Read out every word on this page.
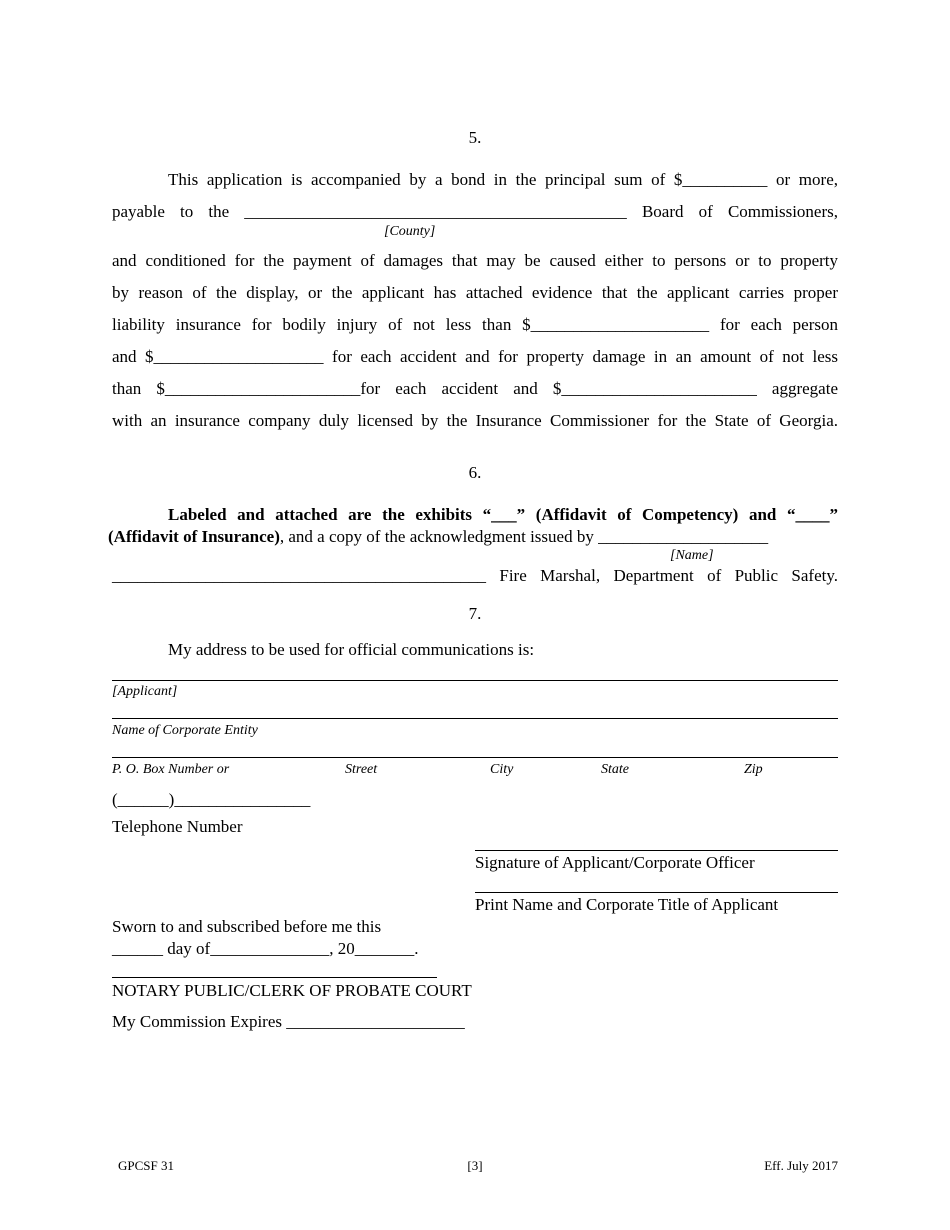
5.
This application is accompanied by a bond in the principal sum of $__________ or more,
payable to the _____________________________________________ Board of Commissioners,
[County]
and conditioned for the payment of damages that may be caused either to persons or to property
by reason of the display, or the applicant has attached evidence that the applicant carries proper
liability insurance for bodily injury of not less than $_____________________ for each person
and $____________________ for each accident and for property damage in an amount of not less
than $_______________________for each accident and $_______________________ aggregate
with an insurance company duly licensed by the Insurance Commissioner for the State of Georgia.
6.
Labeled and attached are the exhibits “___” (Affidavit of Competency) and “____”
(Affidavit of Insurance), and a copy of the acknowledgment issued by ____________________
[Name]
____________________________________________ Fire Marshal, Department of Public Safety.
7.
My address to be used for official communications is:
[Applicant]
Name of Corporate Entity
P. O. Box Number or	Street	City	State	Zip
(______)________________
Telephone Number
Signature of Applicant/Corporate Officer
Print Name and Corporate Title of Applicant
Sworn to and subscribed before me this
______ day of______________, 20_______.
NOTARY PUBLIC/CLERK OF PROBATE COURT
My Commission Expires _____________________
GPCSF 31	[3]	Eff. July 2017
